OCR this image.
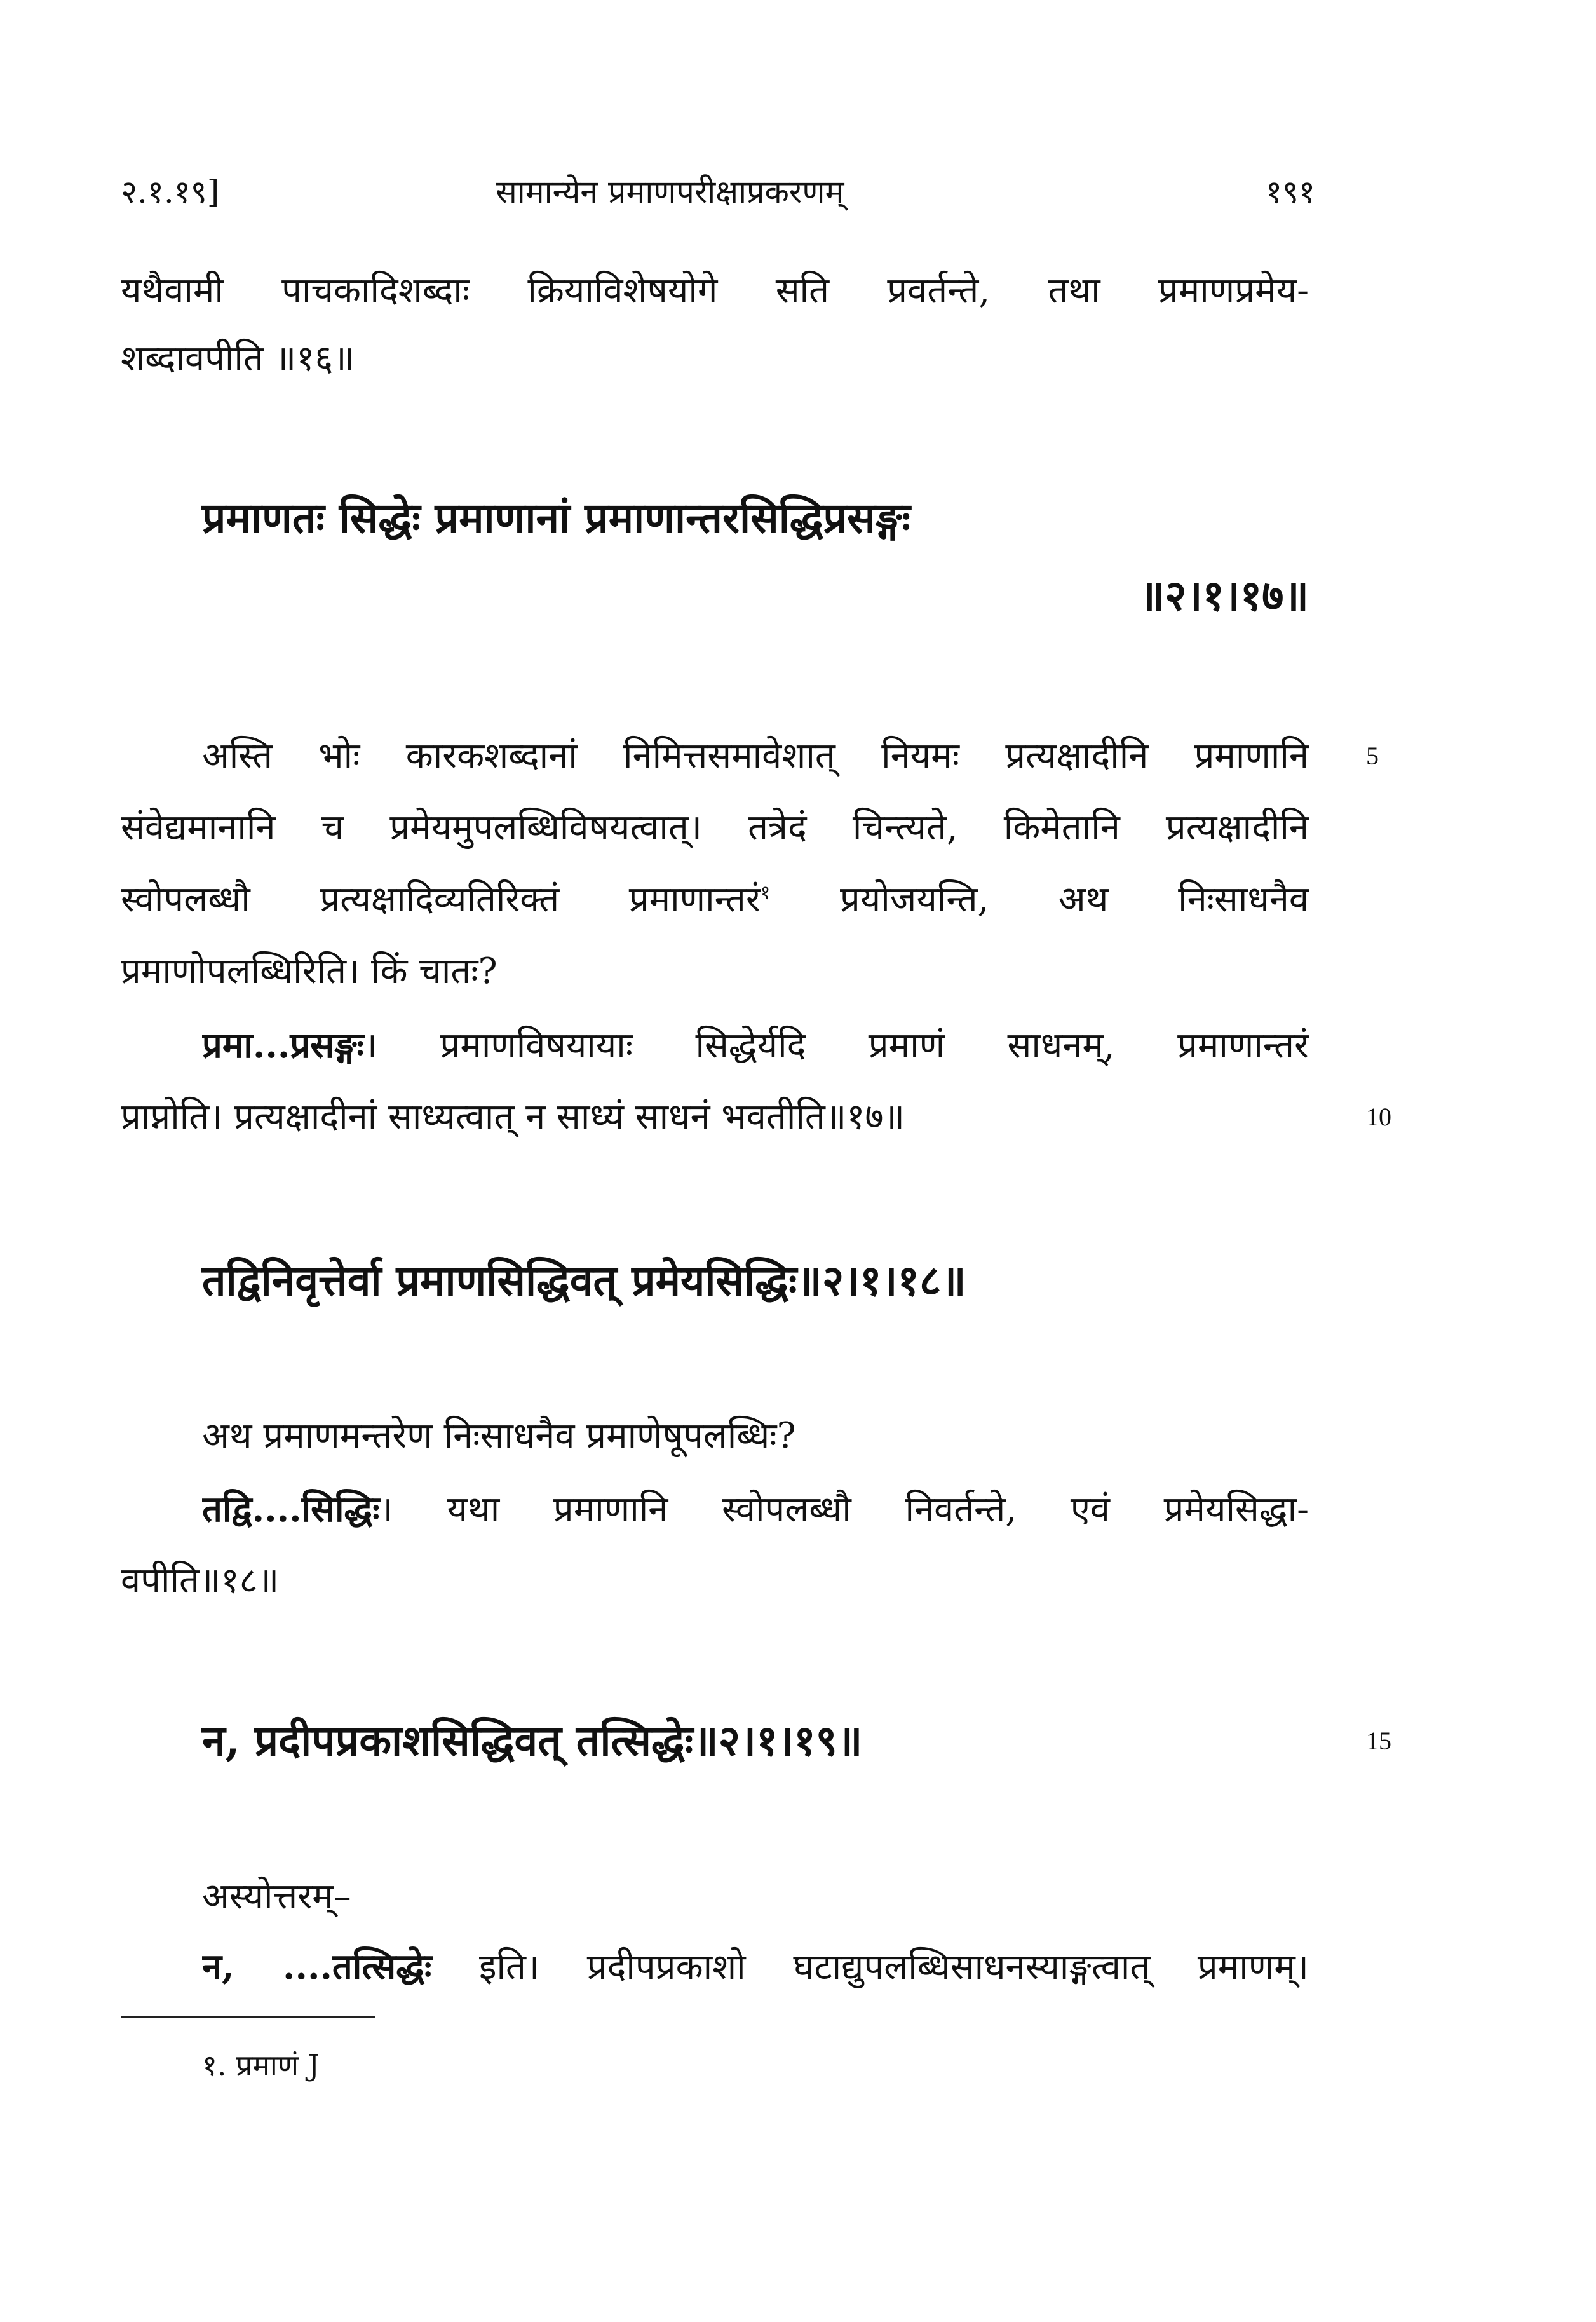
२.१.१९]	सामान्येन प्रमाणपरीक्षाप्रकरणम्	१९१
यथैवामी पाचकादिशब्दाः क्रियाविशेषयोगे सति प्रवर्तन्ते, तथा प्रमाणप्रमेय-
शब्दावपीति ॥१६॥
प्रमाणतः सिद्धेः प्रमाणानां प्रमाणान्तरसिद्धिप्रसङ्गः
॥२।१।१७॥
अस्ति भोः कारकशब्दानां निमित्तसमावेशात् नियमः प्रत्यक्षादीनि प्रमाणानि 5
संवेद्यमानानि च प्रमेयमुपलब्धिविषयत्वात्। तत्रेदं चिन्त्यते, किमेतानि प्रत्यक्षादीनि
स्वोपलब्धौ प्रत्यक्षादिव्यतिरिक्तं प्रमाणान्तरं$^१$ प्रयोजयन्ति, अथ निःसाधनैव
प्रमाणोपलब्धिरिति। किं चातः?
प्रमा...प्रसङ्गः। प्रमाणविषयायाः सिद्धेर्यदि प्रमाणं साधनम्, प्रमाणान्तरं
प्राप्नोति। प्रत्यक्षादीनां साध्यत्वात् न साध्यं साधनं भवतीति॥१७॥	10
तद्विनिवृत्तेर्वा प्रमाणसिद्धिवत् प्रमेयसिद्धिः॥२।१।१८॥
अथ प्रमाणमन्तरेण निःसाधनैव प्रमाणेषूपलब्धिः?
तद्वि....सिद्धिः। यथा प्रमाणानि स्वोपलब्धौ निवर्तन्ते, एवं प्रमेयसिद्धा-
वपीति॥१८॥
न, प्रदीपप्रकाशसिद्धिवत् तत्सिद्धेः॥२।१।१९॥	15
अस्योत्तरम्–
न, ....तत्सिद्धेः इति। प्रदीपप्रकाशो घटाद्युपलब्धिसाधनस्याङ्गत्वात् प्रमाणम्।
१. प्रमाणं J
